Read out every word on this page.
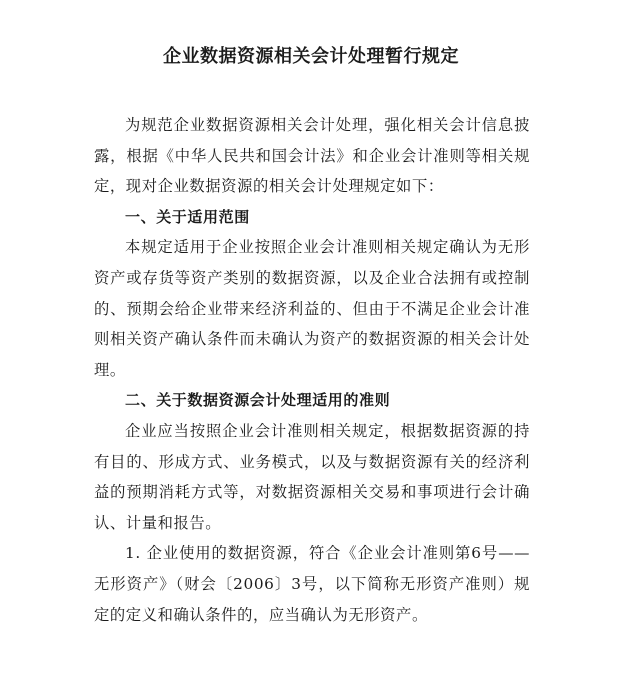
企业数据资源相关会计处理暂行规定

为规范企业数据资源相关会计处理，强化相关会计信息披露，根据《中华人民共和国会计法》和企业会计准则等相关规定，现对企业数据资源的相关会计处理规定如下：

一、关于适用范围

本规定适用于企业按照企业会计准则相关规定确认为无形资产或存货等资产类别的数据资源，以及企业合法拥有或控制的、预期会给企业带来经济利益的、但由于不满足企业会计准则相关资产确认条件而未确认为资产的数据资源的相关会计处理。

二、关于数据资源会计处理适用的准则

企业应当按照企业会计准则相关规定，根据数据资源的持有目的、形成方式、业务模式，以及与数据资源有关的经济利益的预期消耗方式等，对数据资源相关交易和事项进行会计确认、计量和报告。

1. 企业使用的数据资源，符合《企业会计准则第6号——无形资产》（财会〔2006〕3号，以下简称无形资产准则）规定的定义和确认条件的，应当确认为无形资产。
